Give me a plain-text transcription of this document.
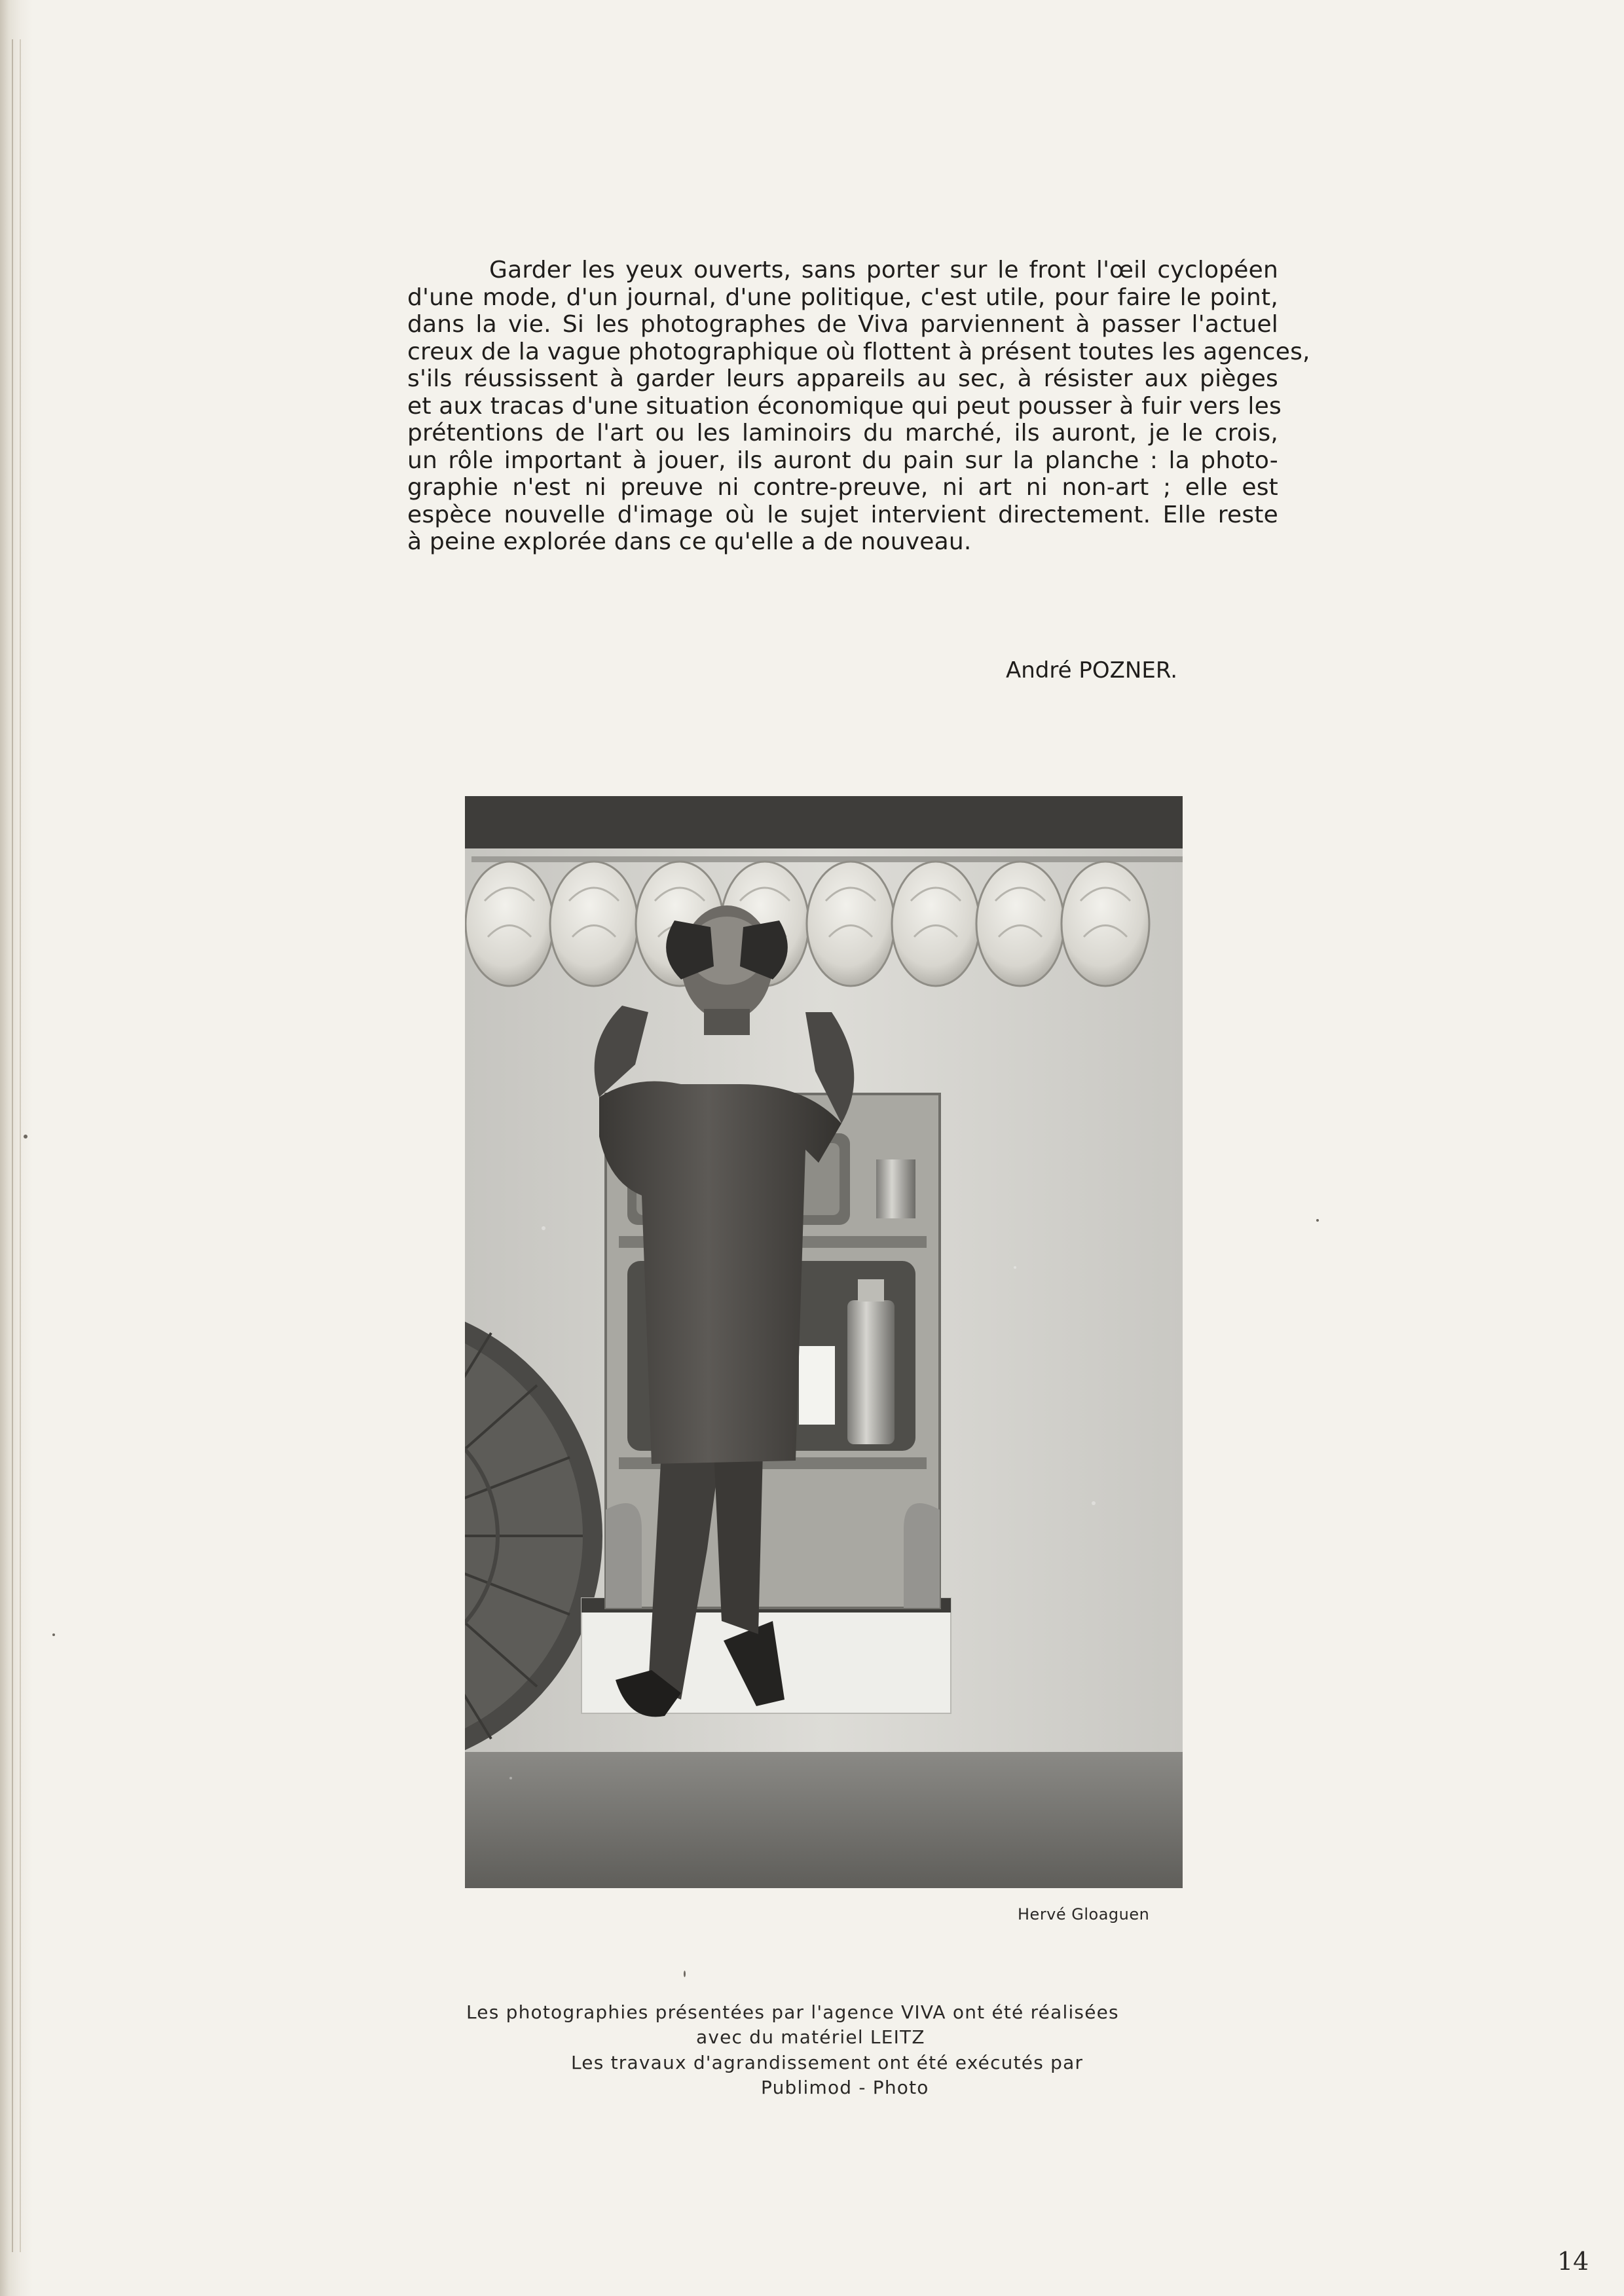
Garder les yeux ouverts, sans porter sur le front l'œil cyclopéen
d'une mode, d'un journal, d'une politique, c'est utile, pour faire le point,
dans la vie. Si les photographes de Viva parviennent à passer l'actuel
creux de la vague photographique où flottent à présent toutes les agences,
s'ils réussissent à garder leurs appareils au sec, à résister aux pièges
et aux tracas d'une situation économique qui peut pousser à fuir vers les
prétentions de l'art ou les laminoirs du marché, ils auront, je le crois,
un rôle important à jouer, ils auront du pain sur la planche : la photo-
graphie n'est ni preuve ni contre-preuve, ni art ni non-art ; elle est
espèce nouvelle d'image où le sujet intervient directement. Elle reste
à peine explorée dans ce qu'elle a de nouveau.
André POZNER.
Hervé Gloaguen
Les photographies présentées par l'agence VIVA ont été réalisées
avec du matériel LEITZ
Les travaux d'agrandissement ont été exécutés par
Publimod - Photo
14
